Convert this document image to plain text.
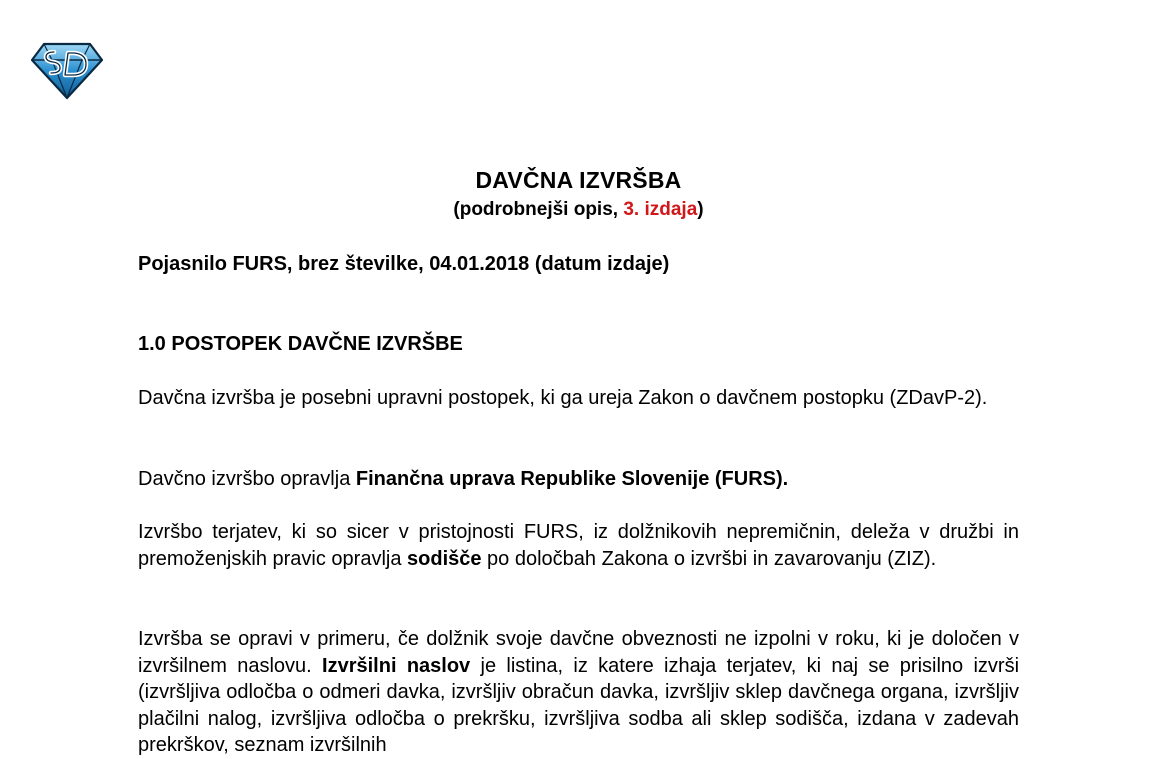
DAVČNA IZVRŠBA
(podrobnejši opis, 3. izdaja)
Pojasnilo FURS, brez številke, 04.01.2018 (datum izdaje)
1.0 POSTOPEK DAVČNE IZVRŠBE

Davčna izvršba je posebni upravni postopek, ki ga ureja Zakon o davčnem postopku (ZDavP-2).

Davčno izvršbo opravlja Finančna uprava Republike Slovenije (FURS).

Izvršbo terjatev, ki so sicer v pristojnosti FURS, iz dolžnikovih nepremičnin, deleža v družbi in premoženjskih pravic opravlja sodišče po določbah Zakona o izvršbi in zavarovanju (ZIZ).

Izvršba se opravi v primeru, če dolžnik svoje davčne obveznosti ne izpolni v roku, ki je določen v izvršilnem naslovu. Izvršilni naslov je listina, iz katere izhaja terjatev, ki naj se prisilno izvrši (izvršljiva odločba o odmeri davka, izvršljiv obračun davka, izvršljiv sklep davčnega organa, izvršljiv plačilni nalog, izvršljiva odločba o prekršku, izvršljiva sodba ali sklep sodišča, izdana v zadevah prekrškov, seznam izvršilnih
